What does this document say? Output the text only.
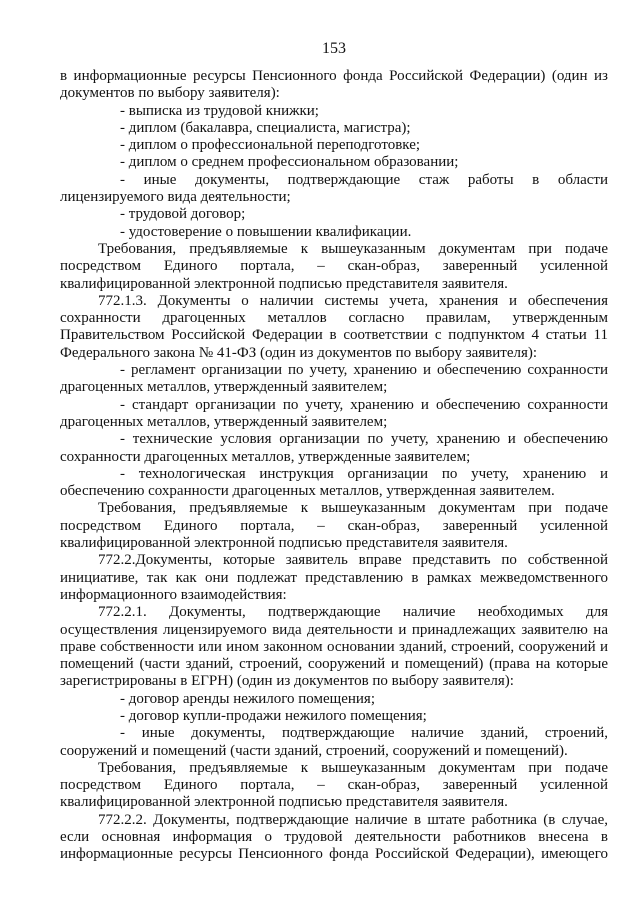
153

в информационные ресурсы Пенсионного фонда Российской Федерации) (один из документов по выбору заявителя):

- выписка из трудовой книжки;

- диплом (бакалавра, специалиста, магистра);

- диплом о профессиональной переподготовке;

- диплом о среднем профессиональном образовании;

- иные документы, подтверждающие стаж работы в области лицензируемого вида деятельности;

- трудовой договор;

- удостоверение о повышении квалификации.

Требования, предъявляемые к вышеуказанным документам при подаче посредством Единого портала, – скан-образ, заверенный усиленной квалифицированной электронной подписью представителя заявителя.

772.1.3. Документы о наличии системы учета, хранения и обеспечения сохранности драгоценных металлов согласно правилам, утвержденным Правительством Российской Федерации в соответствии с подпунктом 4 статьи 11 Федерального закона № 41-ФЗ (один из документов по выбору заявителя):

- регламент организации по учету, хранению и обеспечению сохранности драгоценных металлов, утвержденный заявителем;

- стандарт организации по учету, хранению и обеспечению сохранности драгоценных металлов, утвержденный заявителем;

- технические условия организации по учету, хранению и обеспечению сохранности драгоценных металлов, утвержденные заявителем;

- технологическая инструкция организации по учету, хранению и обеспечению сохранности драгоценных металлов, утвержденная заявителем.

Требования, предъявляемые к вышеуказанным документам при подаче посредством Единого портала, – скан-образ, заверенный усиленной квалифицированной электронной подписью представителя заявителя.

772.2.Документы, которые заявитель вправе представить по собственной инициативе, так как они подлежат представлению в рамках межведомственного информационного взаимодействия:

772.2.1. Документы, подтверждающие наличие необходимых для осуществления лицензируемого вида деятельности и принадлежащих заявителю на праве собственности или ином законном основании зданий, строений, сооружений и помещений (части зданий, строений, сооружений и помещений) (права на которые зарегистрированы в ЕГРН) (один из документов по выбору заявителя):

- договор аренды нежилого помещения;

- договор купли-продажи нежилого помещения;

- иные документы, подтверждающие наличие зданий, строений, сооружений и помещений (части зданий, строений, сооружений и помещений).

Требования, предъявляемые к вышеуказанным документам при подаче посредством Единого портала, – скан-образ, заверенный усиленной квалифицированной электронной подписью представителя заявителя.

772.2.2. Документы, подтверждающие наличие в штате работника (в случае, если основная информация о трудовой деятельности работников внесена в информационные ресурсы Пенсионного фонда Российской Федерации), имеющего
